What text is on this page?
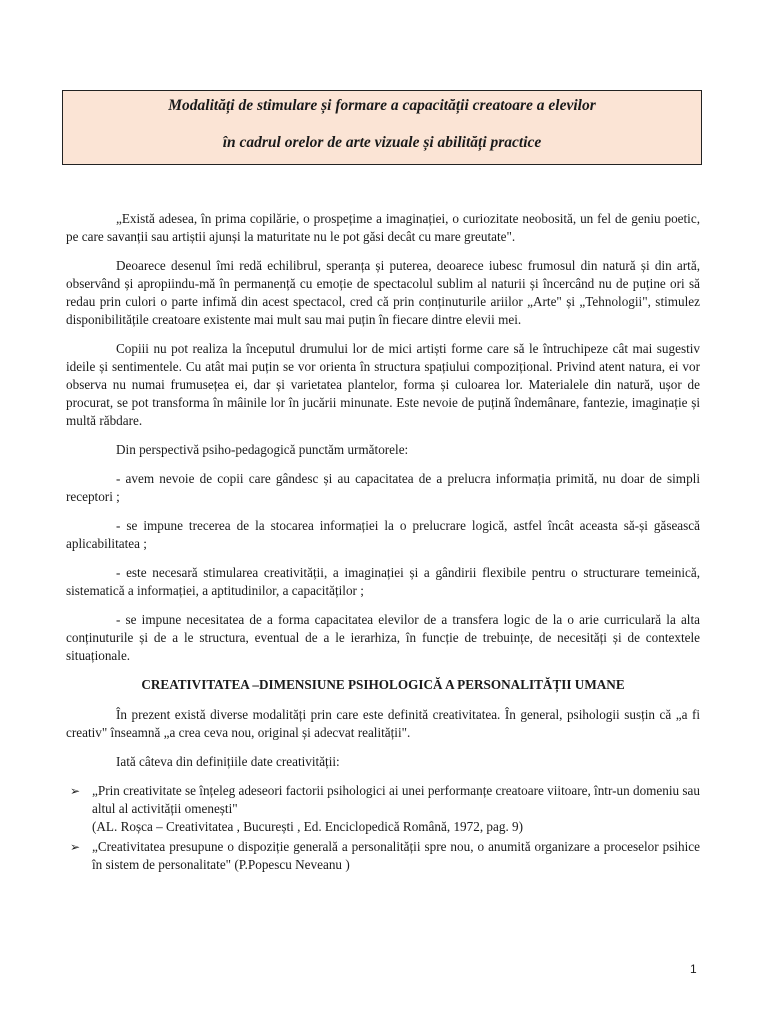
Modalități de stimulare și formare a capacității creatoare a elevilor
în cadrul orelor de arte vizuale și abilități practice

„Există adesea, în prima copilărie, o prospețime a imaginației, o curiozitate neobosită, un fel de geniu poetic, pe care savanții sau artiștii ajunși la maturitate nu le pot găsi decât cu mare greutate".

Deoarece desenul îmi redă echilibrul, speranța și puterea, deoarece iubesc frumosul din natură și din artă, observând și apropiindu-mă în permanență cu emoție de spectacolul sublim al naturii și încercând nu de puține ori să redau prin culori o parte infimă din acest spectacol, cred că prin conținuturile ariilor „Arte" și „Tehnologii", stimulez disponibilitățile creatoare existente mai mult sau mai puțin în fiecare dintre elevii mei.

Copiii nu pot realiza la începutul drumului lor de mici artiști forme care să le întruchipeze cât mai sugestiv ideile și sentimentele. Cu atât mai puțin se vor orienta în structura spațiului compozițional. Privind atent natura, ei vor observa nu numai frumusețea ei, dar și varietatea plantelor, forma și culoarea lor. Materialele din natură, ușor de procurat, se pot transforma în mâinile lor în jucării minunate. Este nevoie de puțină îndemânare, fantezie, imaginație și multă răbdare.

Din perspectivă psiho-pedagogică punctăm următorele:

- avem nevoie de copii care gândesc și au capacitatea de a prelucra informația primită, nu doar de simpli receptori ;

- se impune trecerea de la stocarea informației la o prelucrare logică, astfel încât aceasta să-și găsească aplicabilitatea ;

- este necesară stimularea creativității, a imaginației și a gândirii flexibile pentru o structurare temeinică, sistematică a informației, a aptitudinilor, a capacităților ;

- se impune necesitatea de a forma capacitatea elevilor de a transfera logic de la o arie curriculară la alta conținuturile și de a le structura, eventual de a le ierarhiza, în funcție de trebuințe, de necesități și de contextele situaționale.

CREATIVITATEA –DIMENSIUNE PSIHOLOGICĂ A PERSONALITĂȚII UMANE

În prezent există diverse modalități prin care este definită creativitatea. În general, psihologii susțin că „a fi creativ" înseamnă „a crea ceva nou, original și adecvat realității".

Iată câteva din definițiile date creativității:

➢ „Prin creativitate se înțeleg adeseori factorii psihologici ai unei performanțe creatoare viitoare, într-un domeniu sau altul al activității omenești"
(AL. Roșca – Creativitatea , București , Ed. Enciclopedică Română, 1972, pag. 9)
➢ „Creativitatea presupune o dispoziție generală a personalității spre nou, o anumită organizare a proceselor psihice în sistem de personalitate" (P.Popescu Neveanu )
1
